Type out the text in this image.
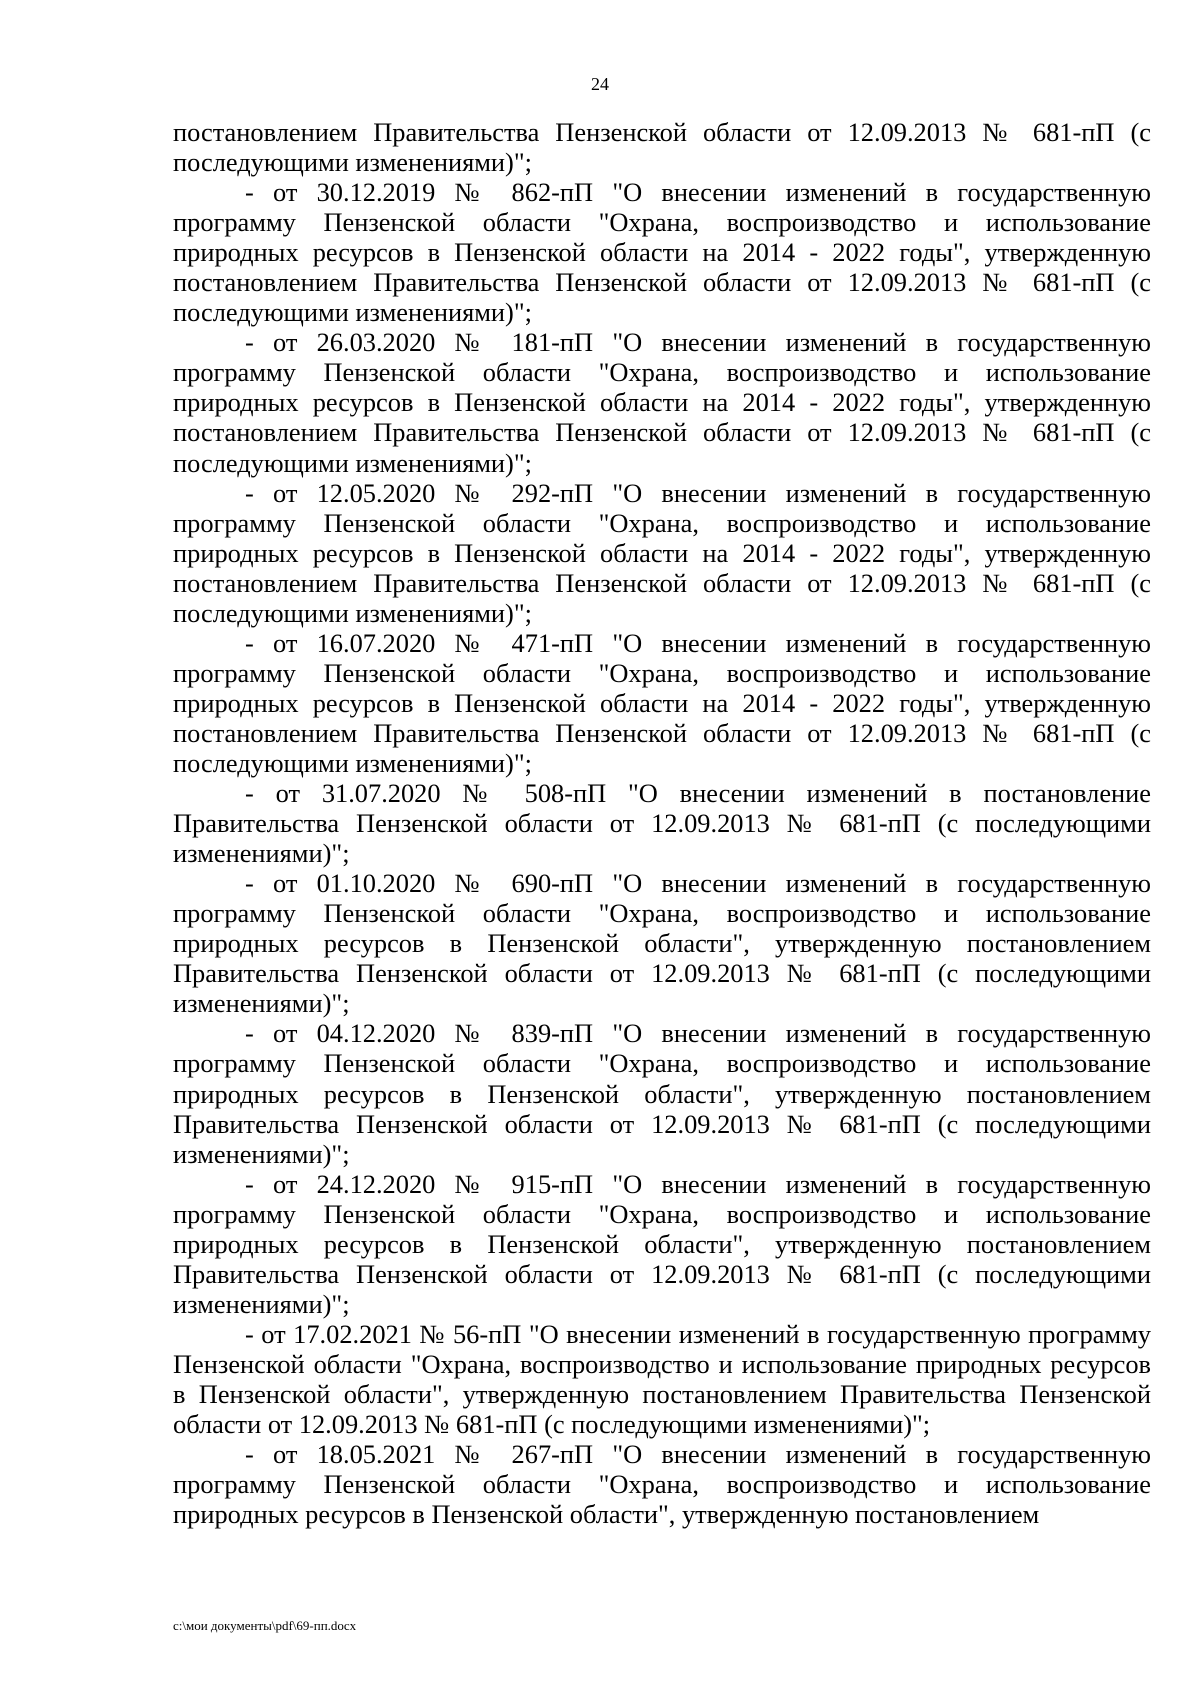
24

постановлением Правительства Пензенской области от 12.09.2013 № 681-пП (с последующими изменениями)";

- от 30.12.2019 № 862-пП "О внесении изменений в государственную программу Пензенской области "Охрана, воспроизводство и использование природных ресурсов в Пензенской области на 2014 - 2022 годы", утвержденную постановлением Правительства Пензенской области от 12.09.2013 № 681-пП (с последующими изменениями)";

- от 26.03.2020 № 181-пП "О внесении изменений в государственную программу Пензенской области "Охрана, воспроизводство и использование природных ресурсов в Пензенской области на 2014 - 2022 годы", утвержденную постановлением Правительства Пензенской области от 12.09.2013 № 681-пП (с последующими изменениями)";

- от 12.05.2020 № 292-пП "О внесении изменений в государственную программу Пензенской области "Охрана, воспроизводство и использование природных ресурсов в Пензенской области на 2014 - 2022 годы", утвержденную постановлением Правительства Пензенской области от 12.09.2013 № 681-пП (с последующими изменениями)";

- от 16.07.2020 № 471-пП "О внесении изменений в государственную программу Пензенской области "Охрана, воспроизводство и использование природных ресурсов в Пензенской области на 2014 - 2022 годы", утвержденную постановлением Правительства Пензенской области от 12.09.2013 № 681-пП (с последующими изменениями)";

- от 31.07.2020 № 508-пП "О внесении изменений в постановление Правительства Пензенской области от 12.09.2013 № 681-пП (с последующими изменениями)";

- от 01.10.2020 № 690-пП "О внесении изменений в государственную программу Пензенской области "Охрана, воспроизводство и использование природных ресурсов в Пензенской области", утвержденную постановлением Правительства Пензенской области от 12.09.2013 № 681-пП (с последующими изменениями)";

- от 04.12.2020 № 839-пП "О внесении изменений в государственную программу Пензенской области "Охрана, воспроизводство и использование природных ресурсов в Пензенской области", утвержденную постановлением Правительства Пензенской области от 12.09.2013 № 681-пП (с последующими изменениями)";

- от 24.12.2020 № 915-пП "О внесении изменений в государственную программу Пензенской области "Охрана, воспроизводство и использование природных ресурсов в Пензенской области", утвержденную постановлением Правительства Пензенской области от 12.09.2013 № 681-пП (с последующими изменениями)";

- от 17.02.2021 № 56-пП "О внесении изменений в государственную программу Пензенской области "Охрана, воспроизводство и использование природных ресурсов в Пензенской области", утвержденную постановлением Правительства Пензенской области от 12.09.2013 № 681-пП (с последующими изменениями)";

- от 18.05.2021 № 267-пП "О внесении изменений в государственную программу Пензенской области "Охрана, воспроизводство и использование природных ресурсов в Пензенской области", утвержденную постановлением

c:\мои документы\pdf\69-пп.docx
